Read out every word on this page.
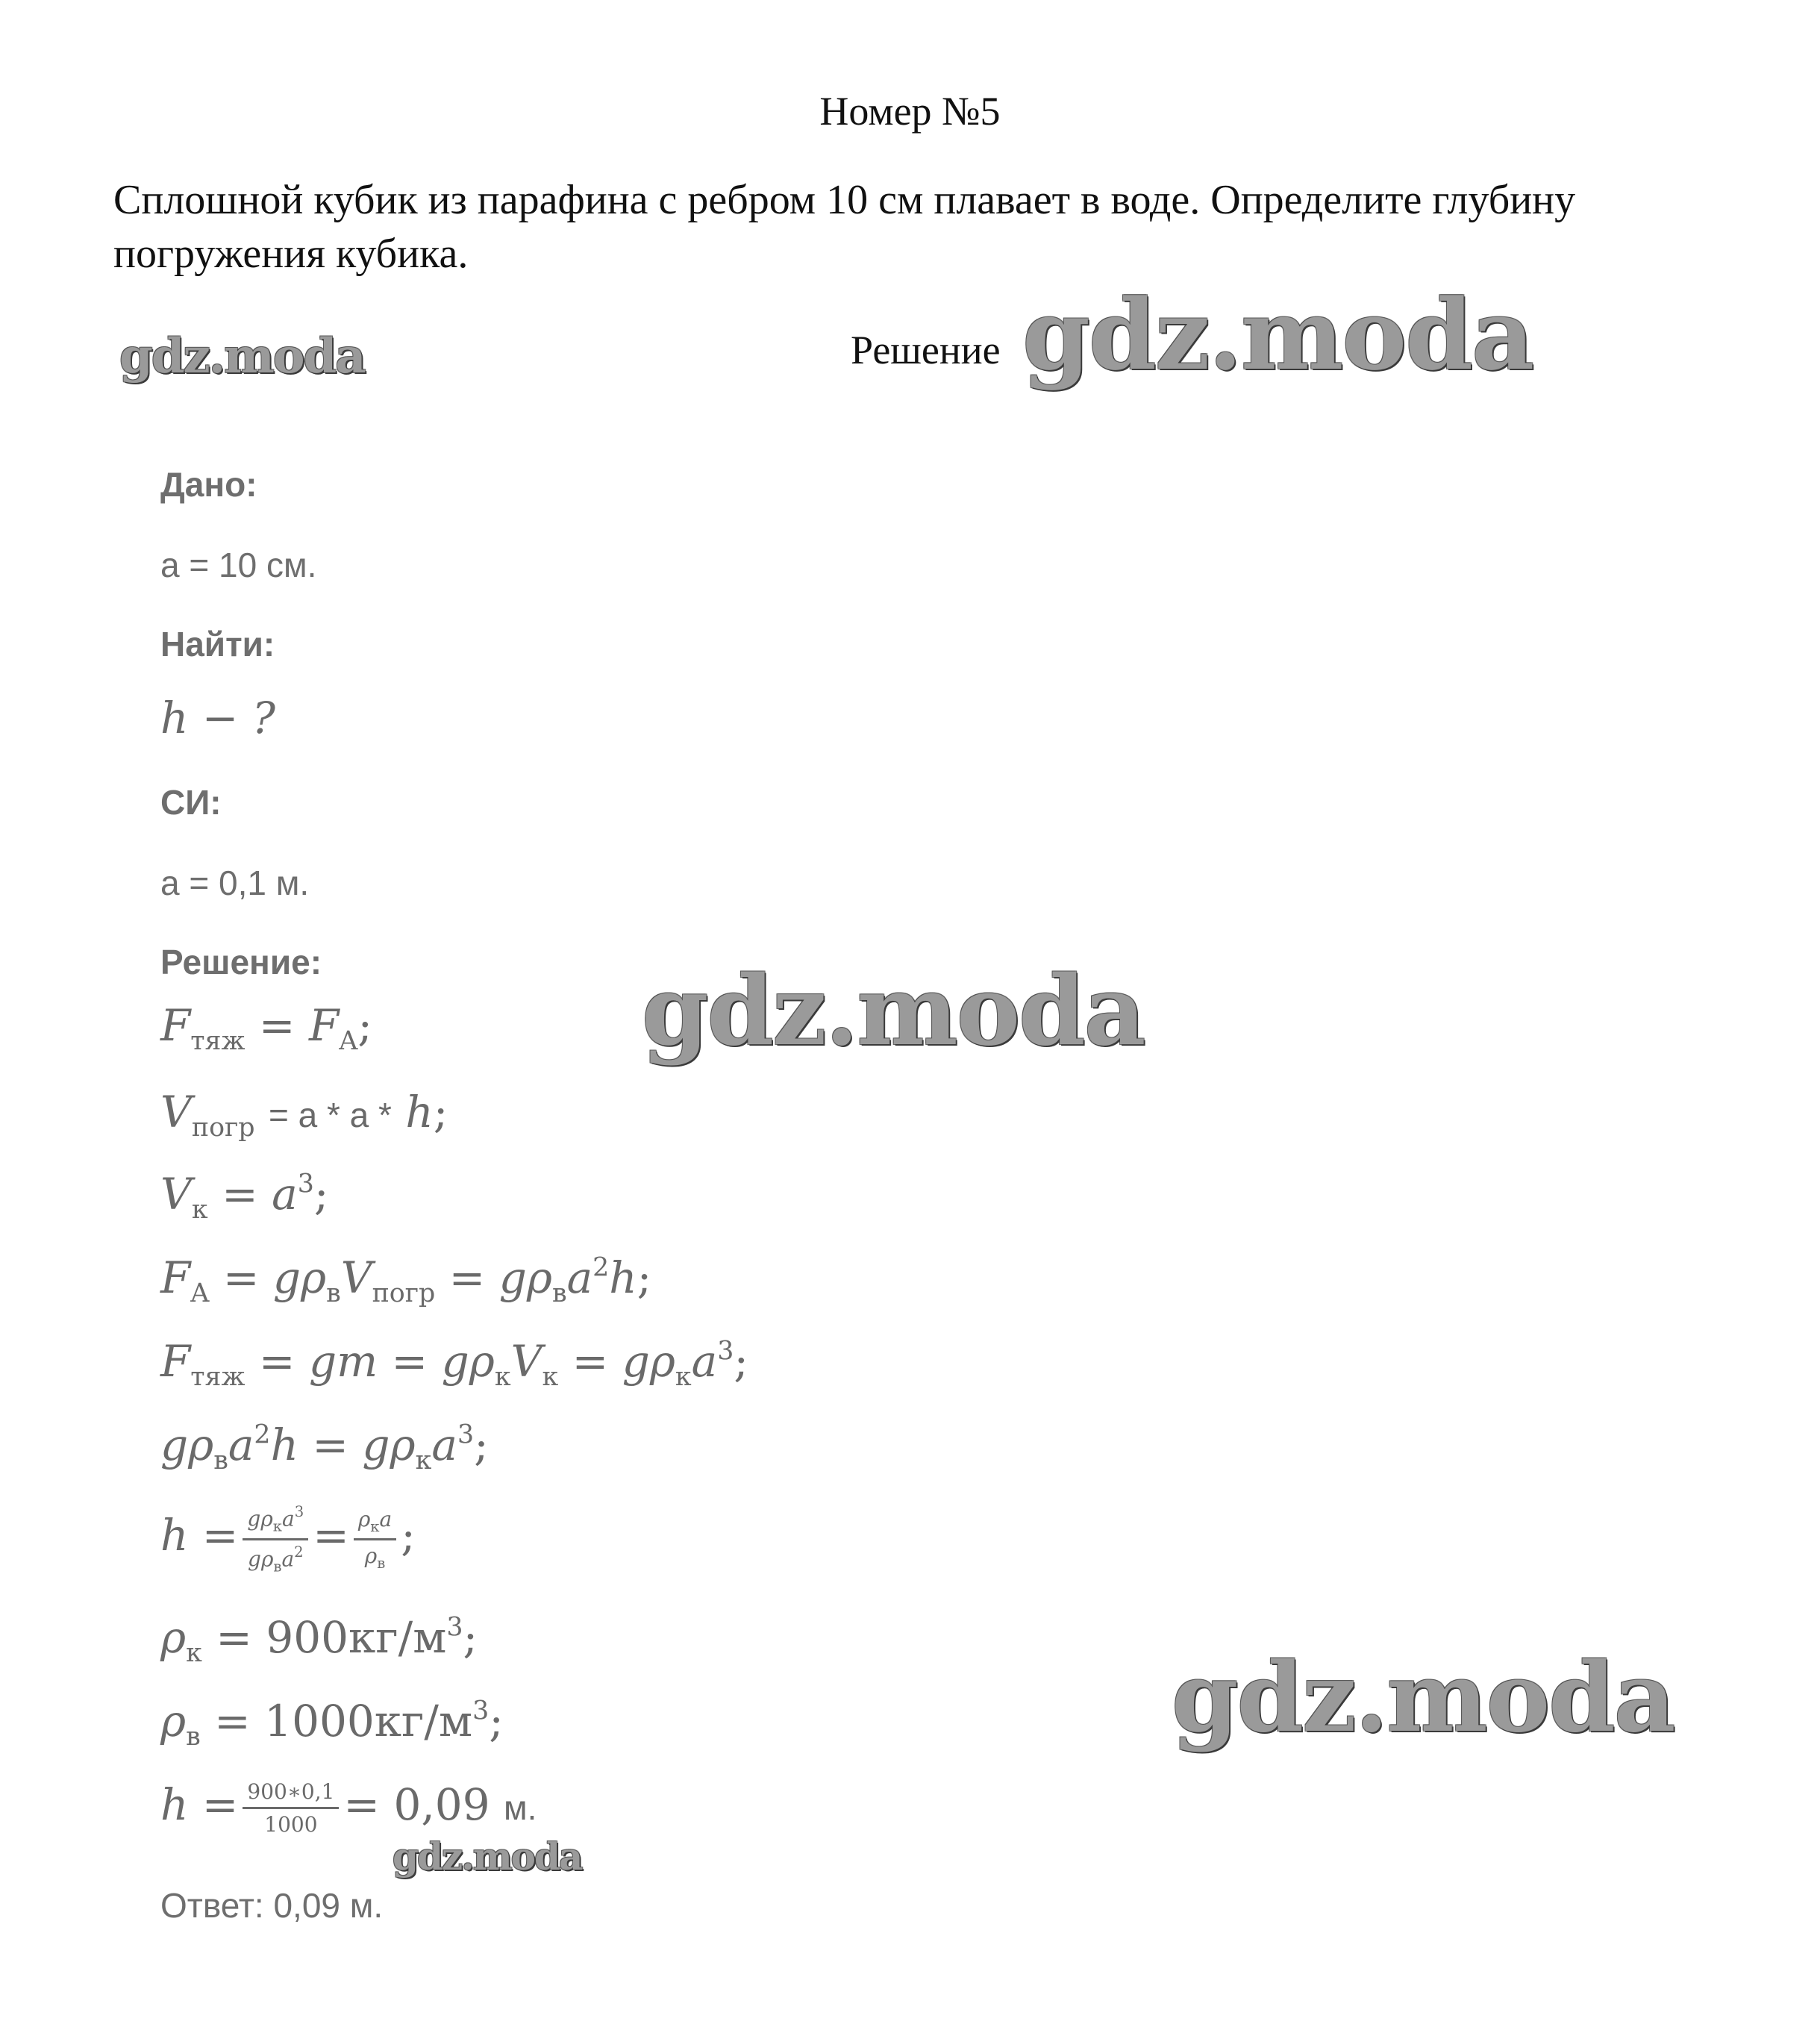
Номер №5
Сплошной кубик из парафина с ребром 10 см плавает в воде. Определите глубину погружения кубика.
Решение
gdz.moda	gdz.moda
gdz.moda
gdz.moda
gdz.moda
Дано:
a = 10 см.
Найти:
h − ?
СИ:
a = 0,1 м.
Решение:
$F_{тяж} = F_A$;
$V_{погр} = a * a * h$;
$V_к = a^3$;
$F_A = g\rho_вV_{погр} = g\rho_вa^2h$;
$F_{тяж}$ = gm = $g\rho_кV_к = g\rho_кa^3$;
$g\rho_вa^2h = g\rho_кa^3$;
$h = \frac{g\rho_кa^3}{g\rho_вa^2} = \frac{\rho_кa}{\rho_в}$ ;
$\rho_к = 900кг/м^3$;
$\rho_в = 1000кг/м^3$;
$h = \frac{900∗0,1}{1000} = 0,09$ м.
Ответ: 0,09 м.
